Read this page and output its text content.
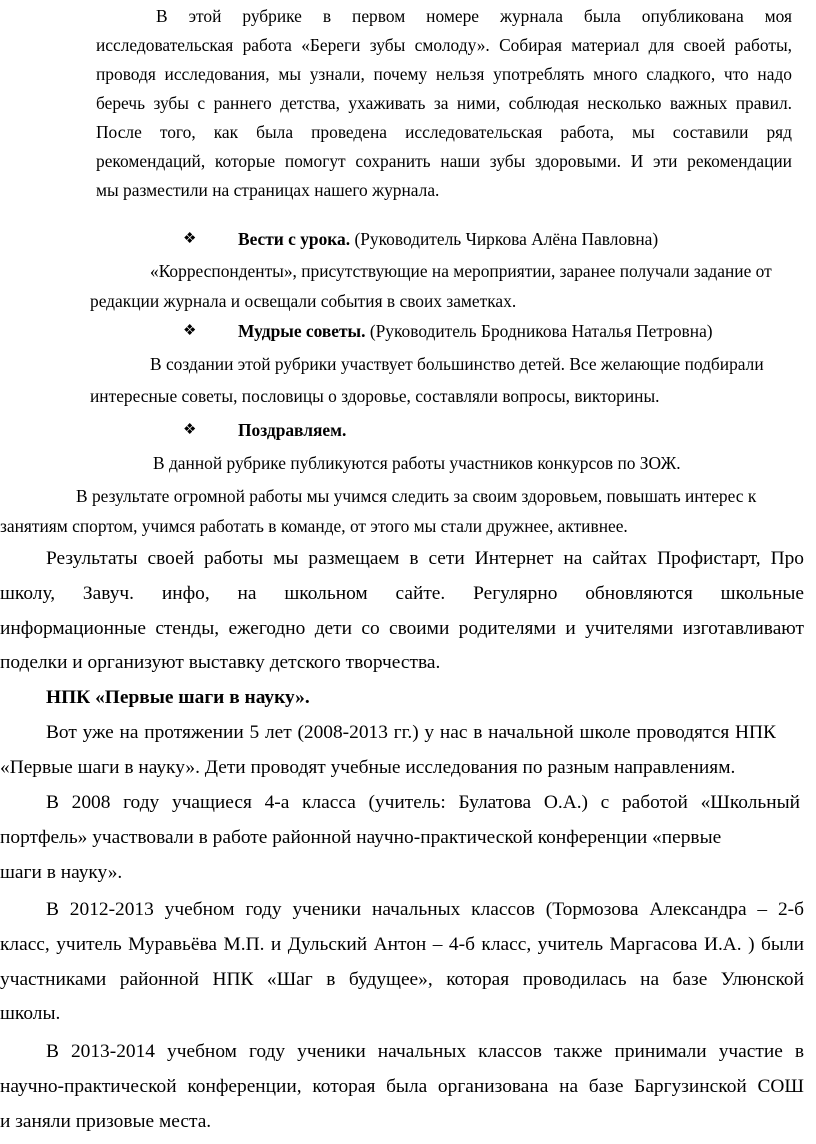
В этой рубрике в первом номере журнала была опубликована моя

исследовательская работа «Береги зубы смолоду». Собирая материал для своей работы,

проводя исследования, мы узнали, почему нельзя употреблять много сладкого, что надо

беречь зубы с раннего детства, ухаживать за ними, соблюдая несколько важных правил.

После того, как была проведена исследовательская работа, мы составили ряд

рекомендаций, которые помогут сохранить наши зубы здоровыми. И эти рекомендации

мы разместили на страницах нашего журнала.

❖	Вести с урока. (Руководитель Чиркова Алёна Павловна)

«Корреспонденты», присутствующие на мероприятии, заранее получали задание от

редакции журнала и освещали события в своих заметках.

❖	Мудрые советы. (Руководитель Бродникова Наталья Петровна)

В создании этой рубрики участвует большинство детей. Все желающие подбирали

интересные советы, пословицы о здоровье, составляли вопросы, викторины.

❖	Поздравляем.

В данной рубрике публикуются работы участников конкурсов по ЗОЖ.

В результате огромной работы мы учимся следить за своим здоровьем, повышать интерес к

занятиям спортом, учимся работать в команде, от этого мы стали дружнее, активнее.

Результаты своей работы мы размещаем в сети Интернет на сайтах Профистарт, Про

школу, Завуч. инфо, на школьном сайте. Регулярно обновляются школьные

информационные стенды, ежегодно дети со своими родителями и учителями изготавливают

поделки и организуют выставку детского творчества.

НПК «Первые шаги в науку».

Вот уже на протяжении 5 лет (2008-2013 гг.) у нас в начальной школе проводятся НПК

«Первые шаги в науку». Дети проводят учебные исследования по разным направлениям.

В 2008 году учащиеся 4-а класса (учитель: Булатова О.А.) с работой «Школьный

портфель» участвовали в работе районной научно-практической конференции «первые

шаги в науку».

В 2012-2013 учебном году ученики начальных классов (Тормозова Александра – 2-б

класс, учитель Муравьёва М.П. и Дульский Антон – 4-б класс, учитель Маргасова И.А. ) были

участниками районной НПК «Шаг в будущее», которая проводилась на базе Улюнской

школы.

В 2013-2014 учебном году ученики начальных классов также принимали участие в

научно-практической конференции, которая была организована на базе Баргузинской СОШ

и заняли призовые места.
